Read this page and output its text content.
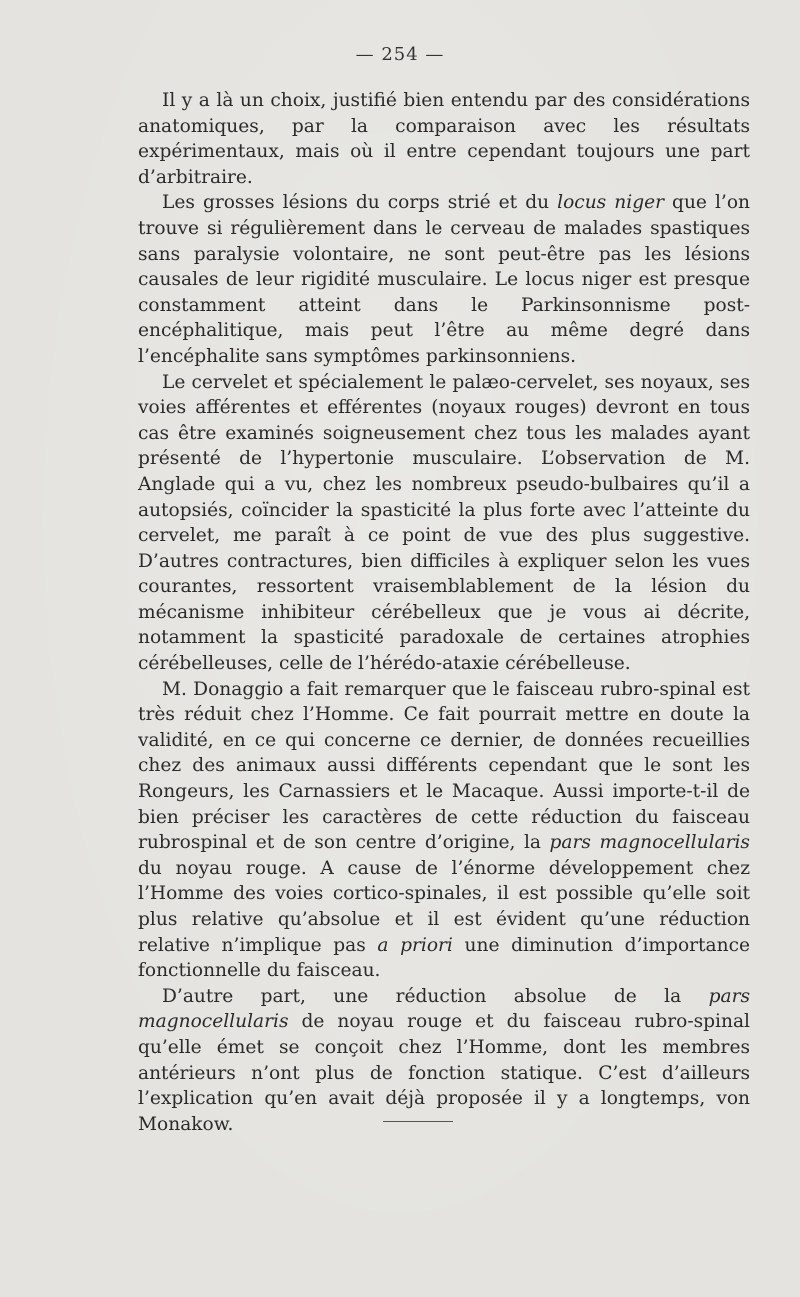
— 254 —

Il y a là un choix, justifié bien entendu par des considérations anatomiques, par la comparaison avec les résultats expérimentaux, mais où il entre cependant toujours une part d’arbitraire.

Les grosses lésions du corps strié et du locus niger que l’on trouve si régulièrement dans le cerveau de malades spastiques sans paralysie volontaire, ne sont peut-être pas les lésions causales de leur rigidité musculaire. Le locus niger est presque constamment atteint dans le Parkinsonnisme post-encéphalitique, mais peut l’être au même degré dans l’encéphalite sans symptômes parkinsonniens.

Le cervelet et spécialement le palæo-cervelet, ses noyaux, ses voies afférentes et efférentes (noyaux rouges) devront en tous cas être examinés soigneusement chez tous les malades ayant présenté de l’hypertonie musculaire. L’observation de M. Anglade qui a vu, chez les nombreux pseudo-bulbaires qu’il a autopsiés, coïncider la spasticité la plus forte avec l’atteinte du cervelet, me paraît à ce point de vue des plus suggestive. D’autres contractures, bien difficiles à expliquer selon les vues courantes, ressortent vraisemblablement de la lésion du mécanisme inhibiteur cérébelleux que je vous ai décrite, notamment la spasticité paradoxale de certaines atrophies cérébelleuses, celle de l’hérédo-ataxie cérébelleuse.

M. Donaggio a fait remarquer que le faisceau rubro-spinal est très réduit chez l’Homme. Ce fait pourrait mettre en doute la validité, en ce qui concerne ce dernier, de données recueillies chez des animaux aussi différents cependant que le sont les Rongeurs, les Carnassiers et le Macaque. Aussi importe-t-il de bien préciser les caractères de cette réduction du faisceau rubrospinal et de son centre d’origine, la pars magnocellularis du noyau rouge. A cause de l’énorme développement chez l’Homme des voies cortico-spinales, il est possible qu’elle soit plus relative qu’absolue et il est évident qu’une réduction relative n’implique pas a priori une diminution d’importance fonctionnelle du faisceau.

D’autre part, une réduction absolue de la pars magnocellularis de noyau rouge et du faisceau rubro-spinal qu’elle émet se conçoit chez l’Homme, dont les membres antérieurs n’ont plus de fonction statique. C’est d’ailleurs l’explication qu’en avait déjà proposée il y a longtemps, von Monakow.
